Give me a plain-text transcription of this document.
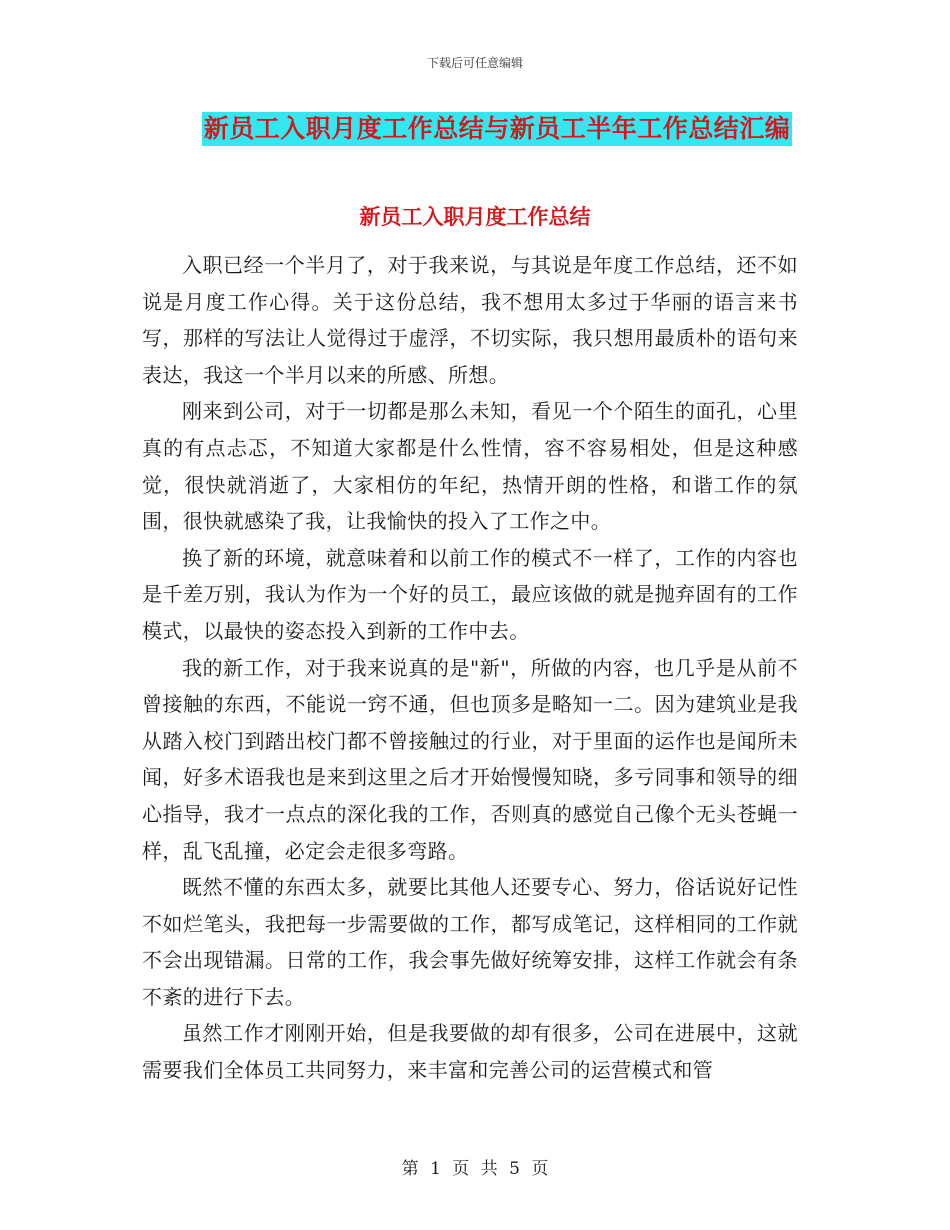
下载后可任意编辑
新员工入职月度工作总结与新员工半年工作总结汇编
新员工入职月度工作总结

入职已经一个半月了，对于我来说，与其说是年度工作总结，还不如说是月度工作心得。关于这份总结，我不想用太多过于华丽的语言来书写，那样的写法让人觉得过于虚浮，不切实际，我只想用最质朴的语句来表达，我这一个半月以来的所感、所想。

刚来到公司，对于一切都是那么未知，看见一个个陌生的面孔，心里真的有点忐忑，不知道大家都是什么性情，容不容易相处，但是这种感觉，很快就消逝了，大家相仿的年纪，热情开朗的性格，和谐工作的氛围，很快就感染了我，让我愉快的投入了工作之中。

换了新的环境，就意味着和以前工作的模式不一样了，工作的内容也是千差万别，我认为作为一个好的员工，最应该做的就是抛弃固有的工作模式，以最快的姿态投入到新的工作中去。

我的新工作，对于我来说真的是"新"，所做的内容，也几乎是从前不曾接触的东西，不能说一窍不通，但也顶多是略知一二。因为建筑业是我从踏入校门到踏出校门都不曾接触过的行业，对于里面的运作也是闻所未闻，好多术语我也是来到这里之后才开始慢慢知晓，多亏同事和领导的细心指导，我才一点点的深化我的工作，否则真的感觉自己像个无头苍蝇一样，乱飞乱撞，必定会走很多弯路。

既然不懂的东西太多，就要比其他人还要专心、努力，俗话说好记性不如烂笔头，我把每一步需要做的工作，都写成笔记，这样相同的工作就不会出现错漏。日常的工作，我会事先做好统筹安排，这样工作就会有条不紊的进行下去。

虽然工作才刚刚开始，但是我要做的却有很多，公司在进展中，这就需要我们全体员工共同努力，来丰富和完善公司的运营模式和管

第 1 页 共 5 页
